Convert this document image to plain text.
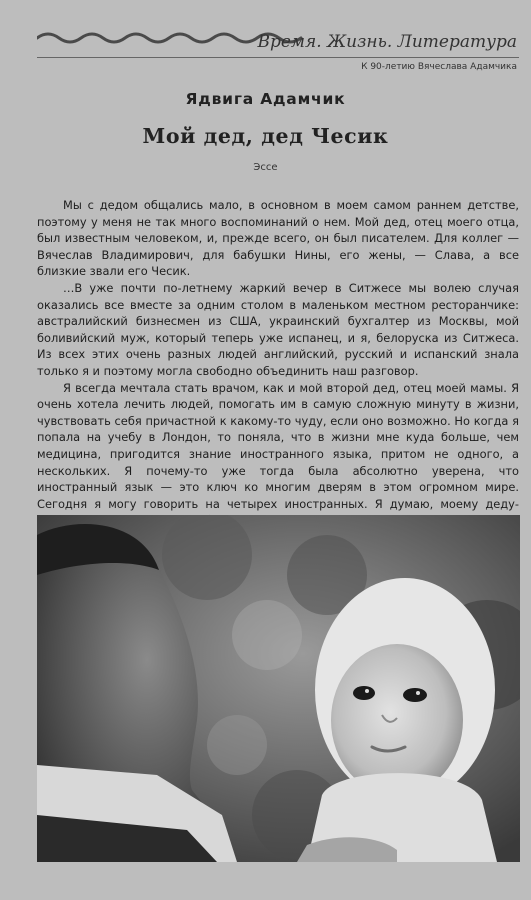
Время. Жизнь. Литература
К 90-летию Вячеслава Адамчика
Ядвига Адамчик
Мой дед, дед Чесик
Эссе

Мы с дедом общались мало, в основном в моем самом раннем детстве, поэтому у меня не так много воспоминаний о нем. Мой дед, отец моего отца, был известным человеком, и, прежде всего, он был писателем. Для коллег — Вячеслав Владимирович, для бабушки Нины, его жены, — Слава, а все близкие звали его Чесик.

…В уже почти по-летнему жаркий вечер в Ситжесе мы волею случая оказались все вместе за одним столом в маленьком местном ресторанчике: австралийский бизнесмен из США, украинский бухгалтер из Москвы, мой боливийский муж, который теперь уже испанец, и я, белоруска из Ситжеса. Из всех этих очень разных людей английский, русский и испанский знала только я и поэтому могла свободно объединить наш разговор.

Я всегда мечтала стать врачом, как и мой второй дед, отец моей мамы. Я очень хотела лечить людей, помогать им в самую сложную минуту в жизни, чувствовать себя причастной к какому-то чуду, если оно возможно. Но когда я попала на учебу в Лондон, то поняла, что в жизни мне куда больше, чем медицина, пригодится знание иностранного языка, притом не одного, а нескольких. Я почему-то уже тогда была абсолютно уверена, что иностранный язык — это ключ ко многим дверям в этом огромном мире. Сегодня я могу говорить на четырех иностранных. Я думаю, моему деду-
